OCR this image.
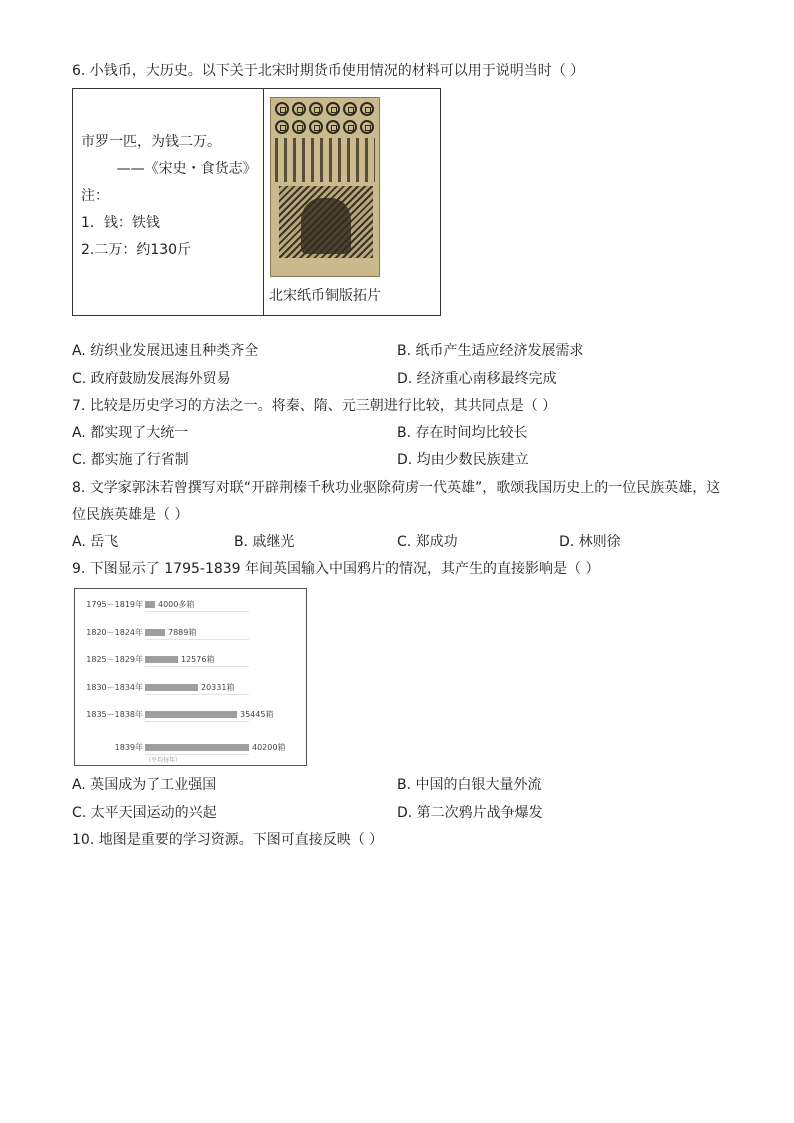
6. 小钱币，大历史。以下关于北宋时期货币使用情况的材料可以用于说明当时（ ）
市罗一匹，为钱二万。
——《宋史・食货志》
注：
1．钱：铁钱
2.二万：约130斤
北宋纸币铜版拓片
A. 纺织业发展迅速且种类齐全	B. 纸币产生适应经济发展需求
C. 政府鼓励发展海外贸易	D. 经济重心南移最终完成
7. 比较是历史学习的方法之一。将秦、隋、元三朝进行比较，其共同点是（ ）
A. 都实现了大统一	B. 存在时间均比较长
C. 都实施了行省制	D. 均由少数民族建立
8. 文学家郭沫若曾撰写对联“开辟荆榛千秋功业驱除荷虏一代英雄”，歌颂我国历史上的一位民族英雄，这
位民族英雄是（ ）
A. 岳飞	B. 戚继光	C. 郑成功	D. 林则徐
9. 下图显示了 1795-1839 年间英国输入中国鸦片的情况，其产生的直接影响是（ ）
（平均每年）
1795－1819年 4000多箱
1820－1824年	7889箱
1825－1829年	12576箱
1830－1834年	20331箱
1835－1838年	35445箱
1839年	40200箱
A. 英国成为了工业强国	B. 中国的白银大量外流
C. 太平天国运动的兴起	D. 第二次鸦片战争爆发
10. 地图是重要的学习资源。下图可直接反映（ ）
